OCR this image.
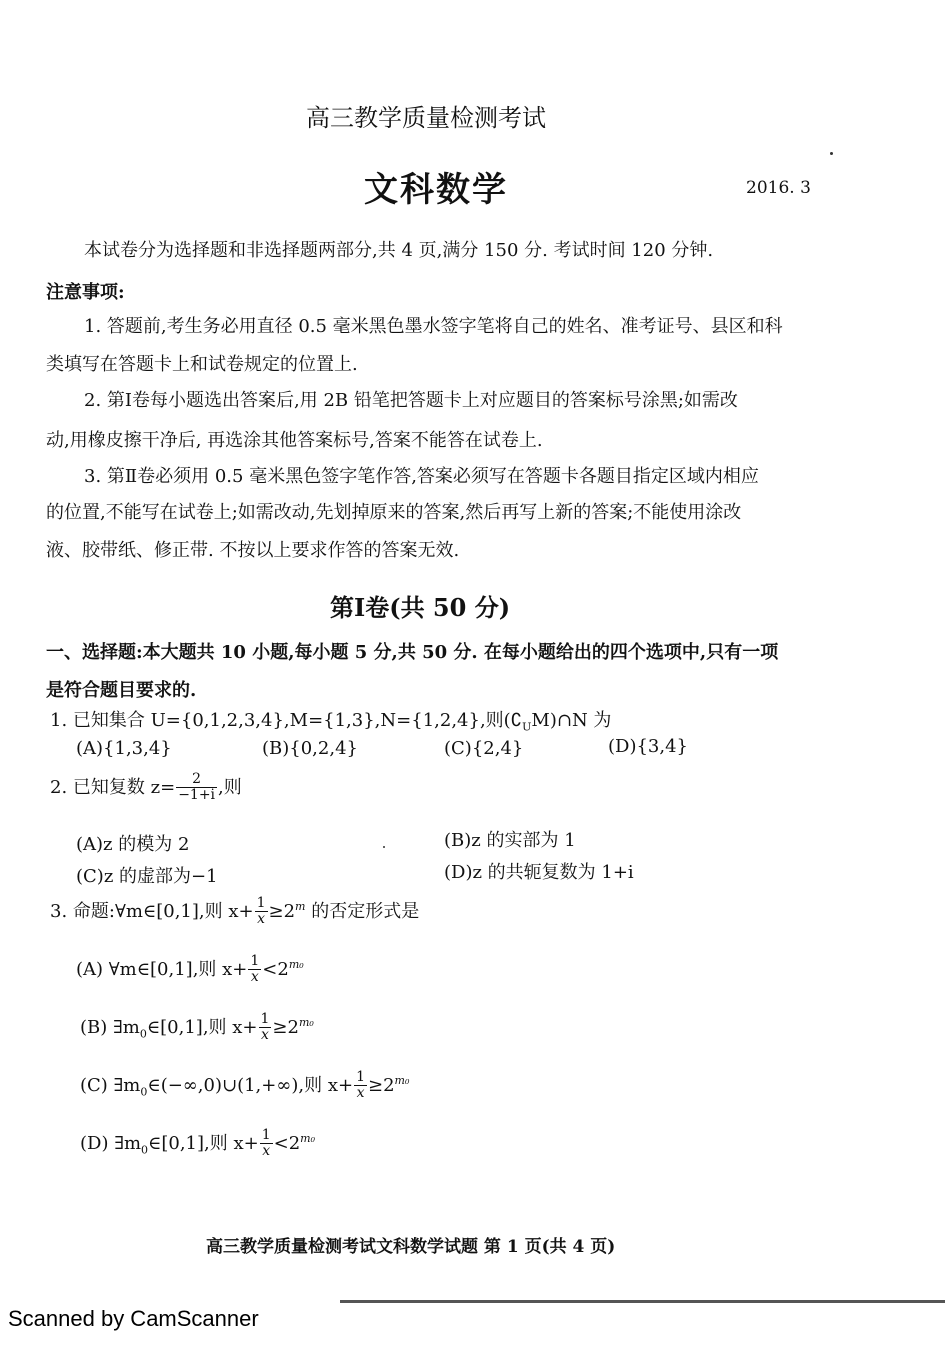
高三教学质量检测考试
文科数学	2016. 3
本试卷分为选择题和非选择题两部分,共 4 页,满分 150 分. 考试时间 120 分钟.
注意事项:
1. 答题前,考生务必用直径 0.5 毫米黑色墨水签字笔将自己的姓名、准考证号、县区和科
类填写在答题卡上和试卷规定的位置上.
2. 第Ⅰ卷每小题选出答案后,用 2B 铅笔把答题卡上对应题目的答案标号涂黑;如需改
动,用橡皮擦干净后, 再选涂其他答案标号,答案不能答在试卷上.
3. 第Ⅱ卷必须用 0.5 毫米黑色签字笔作答,答案必须写在答题卡各题目指定区域内相应
的位置,不能写在试卷上;如需改动,先划掉原来的答案,然后再写上新的答案;不能使用涂改
液、胶带纸、修正带. 不按以上要求作答的答案无效.
第Ⅰ卷(共 50 分)
一、选择题:本大题共 10 小题,每小题 5 分,共 50 分. 在每小题给出的四个选项中,只有一项
是符合题目要求的.
1. 已知集合 U={0,1,2,3,4},M={1,3},N={1,2,4},则$(∁_UM)\cap N$ 为
(A){1,3,4}	(B){0,2,4}	(C){2,4}	(D){3,4}
2. 已知复数 $z= \frac{2}{-1+i}$ ,则
(A)z 的模为 2	(B)z 的实部为 1
(C)z 的虚部为−1	(D)z 的共轭复数为 1+i
3. 命题:∀m∈[0,1],则 $x+ \frac{1}{x} \ge 2^m$ 的否定形式是
(A) ∀m∈[0,1],则 $x+ \frac{1}{x} <2^{m_0}$
(B) $\exists m_0\in[0,1]$,则 $x+ \frac{1}{x} \ge 2^{m_0}$
(C) $\exists m_0\in(-\infty,0)\cup(1,+\infty)$,则 $x+ \frac{1}{x} \ge 2^{m_0}$
(D) $\exists m_0\in[0,1]$,则 $x+ \frac{1}{x} <2^{m_0}$
高三教学质量检测考试文科数学试题 第 1 页(共 4 页)
Scanned by CamScanner
